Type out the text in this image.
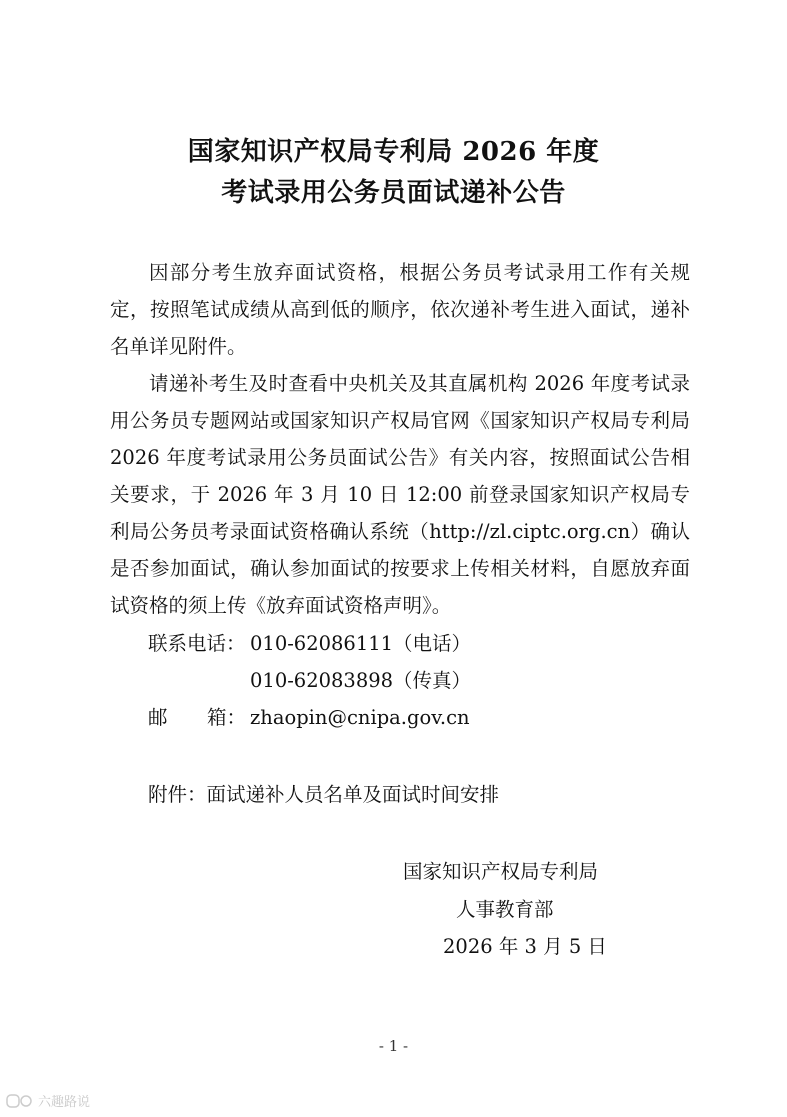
国家知识产权局专利局 2026 年度
考试录用公务员面试递补公告

因部分考生放弃面试资格，根据公务员考试录用工作有关规定，按照笔试成绩从高到低的顺序，依次递补考生进入面试，递补名单详见附件。

请递补考生及时查看中央机关及其直属机构 2026 年度考试录用公务员专题网站或国家知识产权局官网《国家知识产权局专利局 2026 年度考试录用公务员面试公告》有关内容，按照面试公告相关要求，于 2026 年 3 月 10 日 12:00 前登录国家知识产权局专利局公务员考录面试资格确认系统（http://zl.ciptc.org.cn）确认是否参加面试，确认参加面试的按要求上传相关材料，自愿放弃面试资格的须上传《放弃面试资格声明》。

联系电话： 010-62086111（电话）
010-62083898（传真）
邮 箱： zhaopin@cnipa.gov.cn
附件：面试递补人员名单及面试时间安排
国家知识产权局专利局
人事教育部
2026 年 3 月 5 日
- 1 -
六趣路说
